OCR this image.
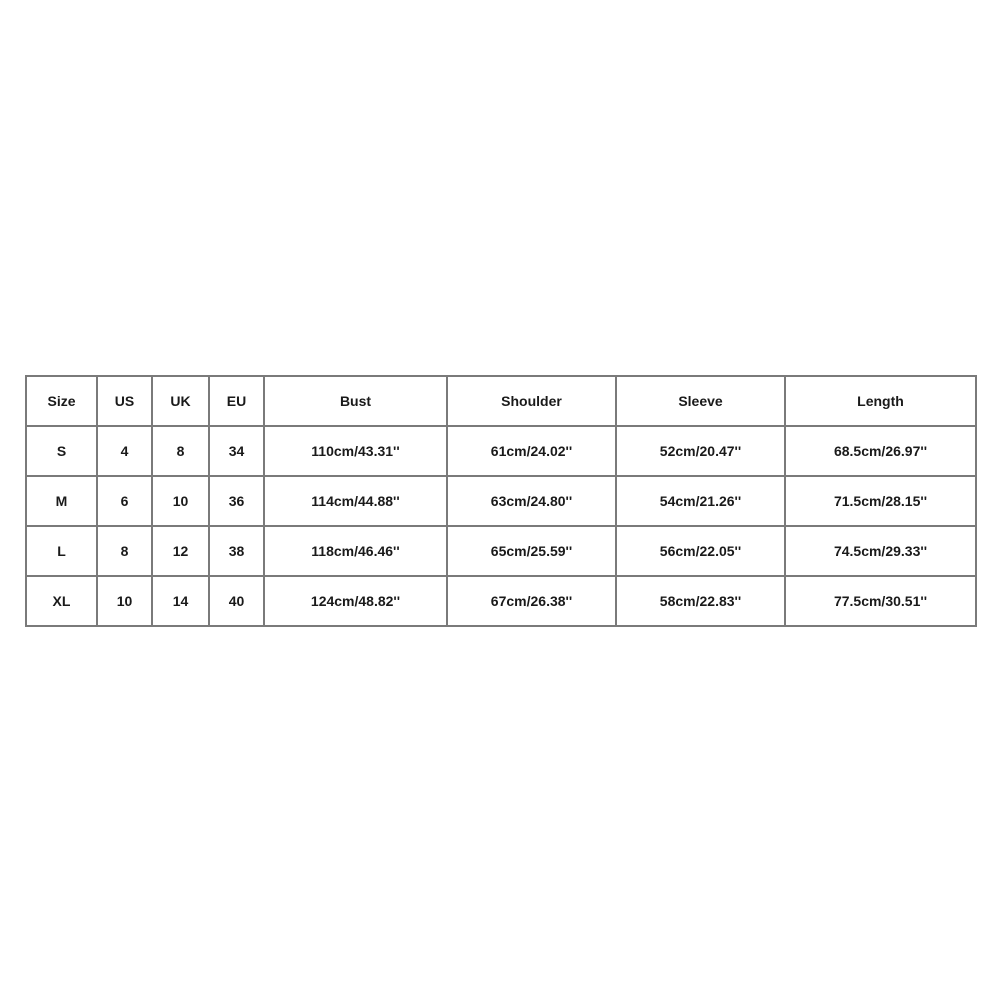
Size	US	UK	EU	Bust	Shoulder	Sleeve	Length
S	4	8	34	110cm/43.31''	61cm/24.02''	52cm/20.47''	68.5cm/26.97''
M	6	10	36	114cm/44.88''	63cm/24.80''	54cm/21.26''	71.5cm/28.15''
L	8	12	38	118cm/46.46''	65cm/25.59''	56cm/22.05''	74.5cm/29.33''
XL	10	14	40	124cm/48.82''	67cm/26.38''	58cm/22.83''	77.5cm/30.51''
